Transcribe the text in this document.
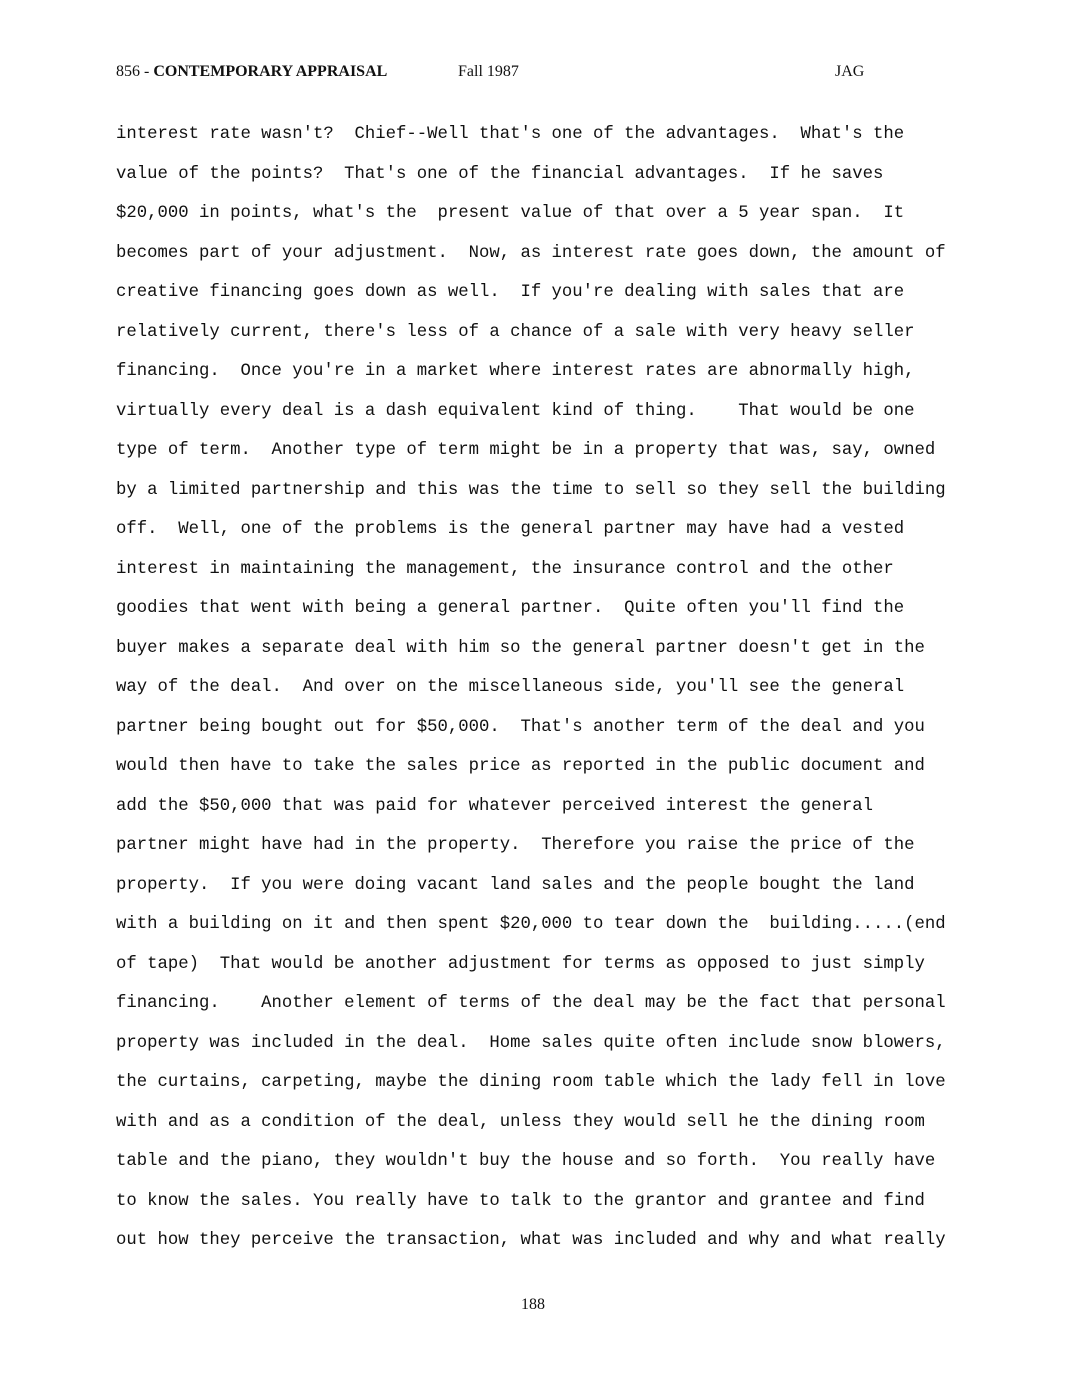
856 - CONTEMPORARY APPRAISAL	Fall 1987	JAG
interest rate wasn't?  Chief--Well that's one of the advantages.  What's the
value of the points?  That's one of the financial advantages.  If he saves
$20,000 in points, what's the  present value of that over a 5 year span.  It
becomes part of your adjustment.  Now, as interest rate goes down, the amount of
creative financing goes down as well.  If you're dealing with sales that are
relatively current, there's less of a chance of a sale with very heavy seller
financing.  Once you're in a market where interest rates are abnormally high,
virtually every deal is a dash equivalent kind of thing.    That would be one
type of term.  Another type of term might be in a property that was, say, owned
by a limited partnership and this was the time to sell so they sell the building
off.  Well, one of the problems is the general partner may have had a vested
interest in maintaining the management, the insurance control and the other
goodies that went with being a general partner.  Quite often you'll find the
buyer makes a separate deal with him so the general partner doesn't get in the
way of the deal.  And over on the miscellaneous side, you'll see the general
partner being bought out for $50,000.  That's another term of the deal and you
would then have to take the sales price as reported in the public document and
add the $50,000 that was paid for whatever perceived interest the general
partner might have had in the property.  Therefore you raise the price of the
property.  If you were doing vacant land sales and the people bought the land
with a building on it and then spent $20,000 to tear down the  building.....(end
of tape)  That would be another adjustment for terms as opposed to just simply
financing.    Another element of terms of the deal may be the fact that personal
property was included in the deal.  Home sales quite often include snow blowers,
the curtains, carpeting, maybe the dining room table which the lady fell in love
with and as a condition of the deal, unless they would sell he the dining room
table and the piano, they wouldn't buy the house and so forth.  You really have
to know the sales. You really have to talk to the grantor and grantee and find
out how they perceive the transaction, what was included and why and what really
188
